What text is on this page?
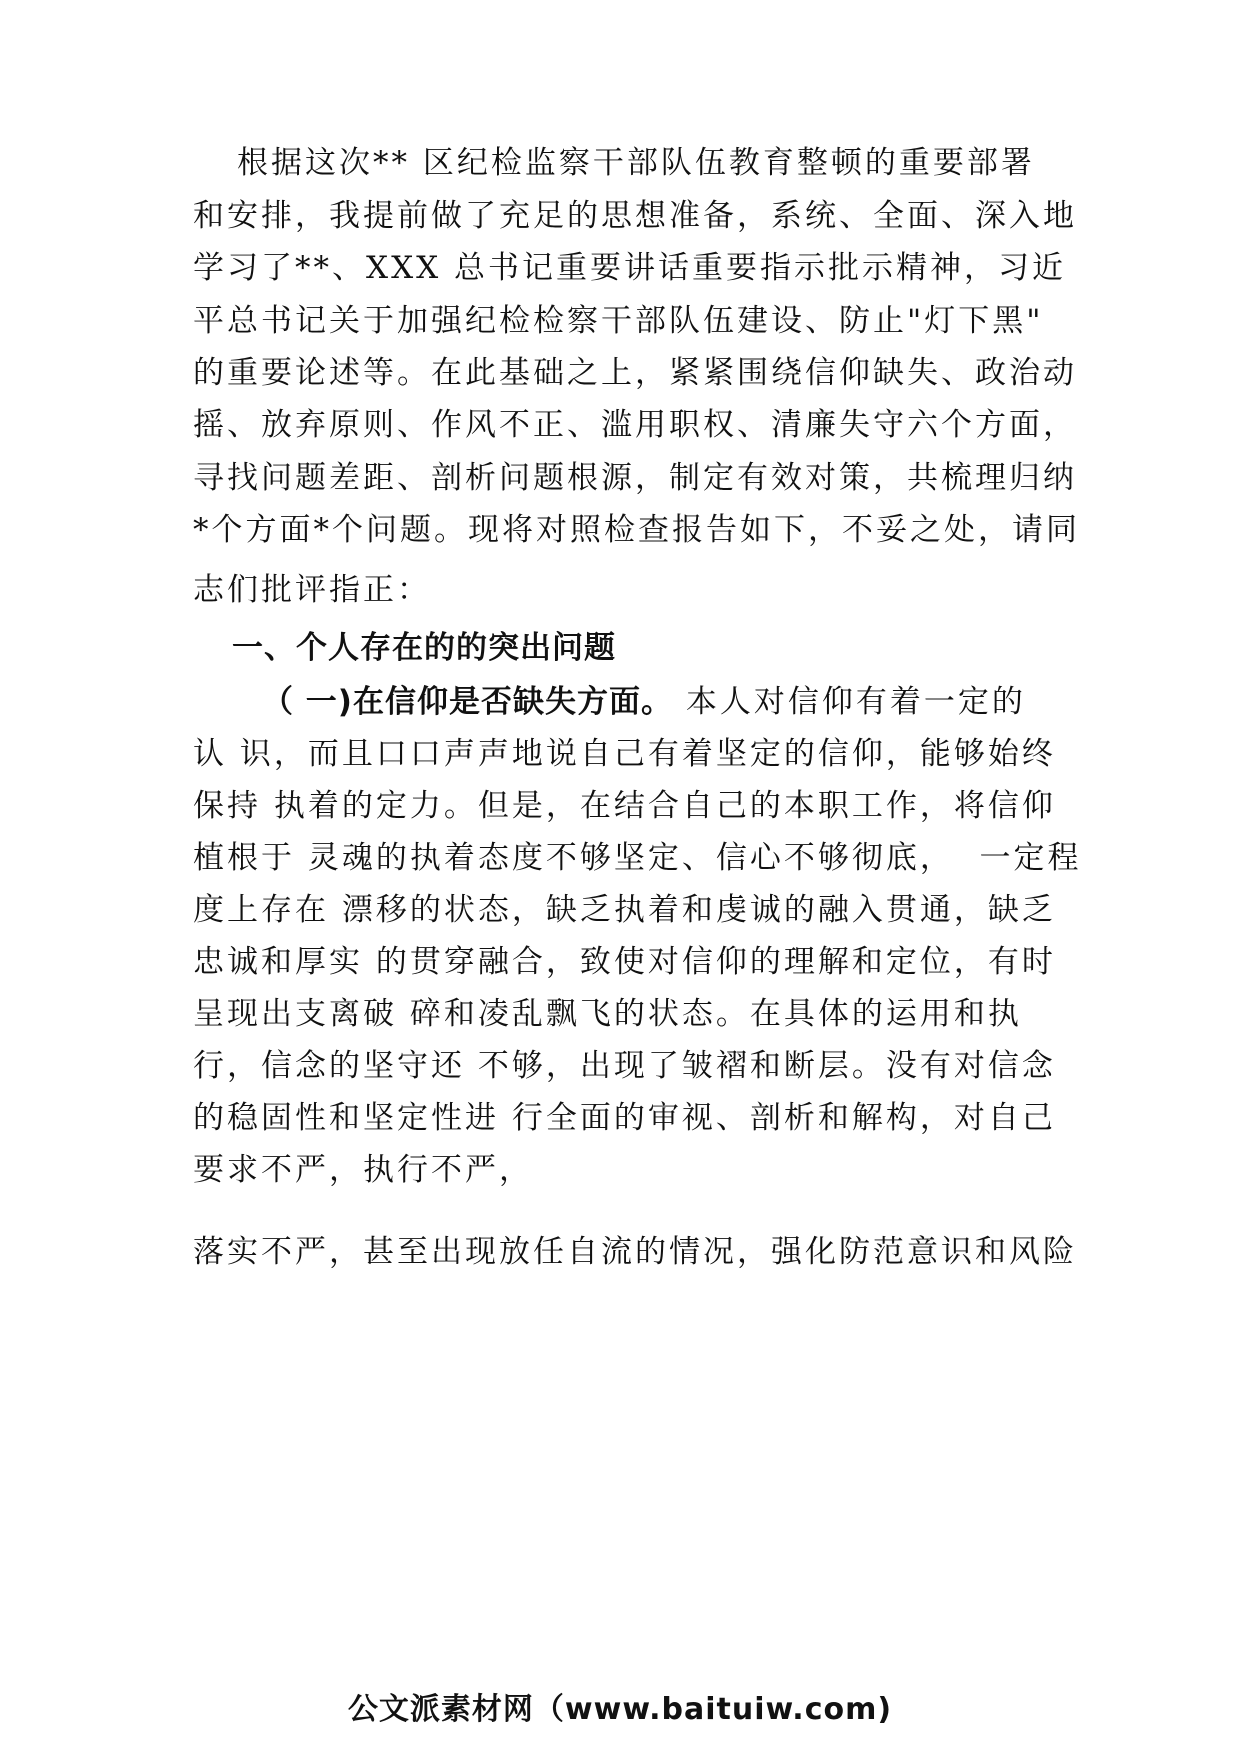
根据这次** 区纪检监察干部队伍教育整顿的重要部署
和安排，我提前做了充足的思想准备，系统、全面、深入地
学习了**、XXX 总书记重要讲话重要指示批示精神，习近
平总书记关于加强纪检检察干部队伍建设、防止"灯下黑"
的重要论述等。在此基础之上，紧紧围绕信仰缺失、政治动
摇、放弃原则、作风不正、滥用职权、清廉失守六个方面，
寻找问题差距、剖析问题根源，制定有效对策，共梳理归纳
*个方面*个问题。现将对照检查报告如下，不妥之处，请同
志们批评指正：
一、个人存在的的突出问题
（ 一)在信仰是否缺失方面。 本人对信仰有着一定的
认 识，而且口口声声地说自己有着坚定的信仰，能够始终
保持 执着的定力。但是，在结合自己的本职工作，将信仰
植根于 灵魂的执着态度不够坚定、信心不够彻底，  一定程
度上存在 漂移的状态，缺乏执着和虔诚的融入贯通，缺乏
忠诚和厚实 的贯穿融合，致使对信仰的理解和定位，有时
呈现出支离破 碎和凌乱飘飞的状态。在具体的运用和执
行，信念的坚守还 不够，出现了皱褶和断层。没有对信念
的稳固性和坚定性进 行全面的审视、剖析和解构，对自己
要求不严，执行不严，
落实不严，甚至出现放任自流的情况，强化防范意识和风险
公文派素材网（www.baituiw.com)
